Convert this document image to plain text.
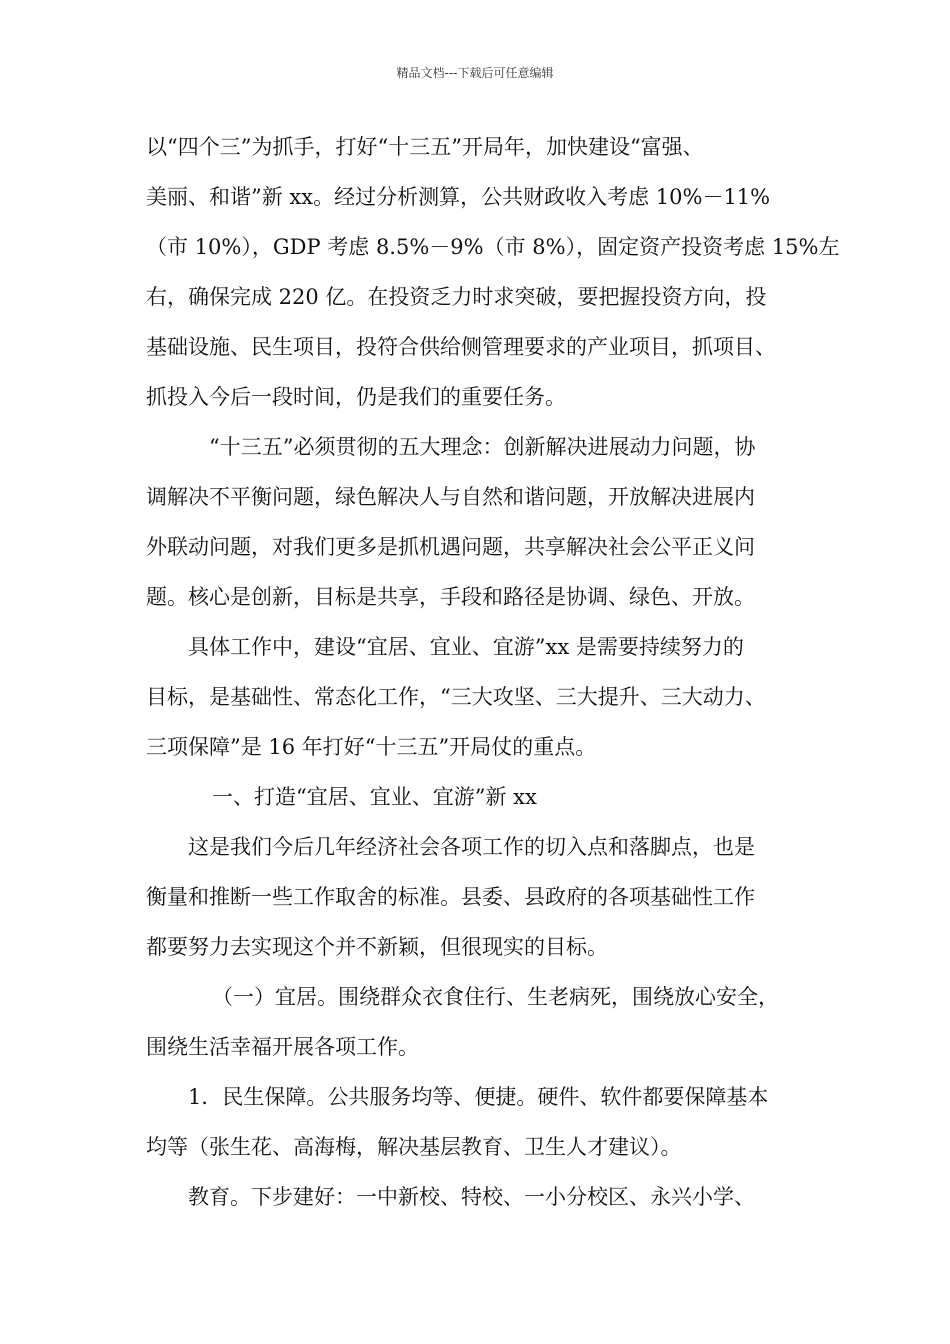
精品文档---下载后可任意编辑
以“四个三”为抓手，打好“十三五”开局年，加快建设“富强、
美丽、和谐”新 xx。经过分析测算，公共财政收入考虑 10%－11%
（市 10%），GDP 考虑 8.5%－9%（市 8%），固定资产投资考虑 15%左
右，确保完成 220 亿。在投资乏力时求突破，要把握投资方向，投
基础设施、民生项目，投符合供给侧管理要求的产业项目，抓项目、
抓投入今后一段时间，仍是我们的重要任务。
“十三五”必须贯彻的五大理念：创新解决进展动力问题，协
调解决不平衡问题，绿色解决人与自然和谐问题，开放解决进展内
外联动问题，对我们更多是抓机遇问题，共享解决社会公平正义问
题。核心是创新，目标是共享，手段和路径是协调、绿色、开放。
具体工作中，建设“宜居、宜业、宜游”xx 是需要持续努力的
目标，是基础性、常态化工作，“三大攻坚、三大提升、三大动力、
三项保障”是 16 年打好“十三五”开局仗的重点。
一、打造“宜居、宜业、宜游”新 xx
这是我们今后几年经济社会各项工作的切入点和落脚点，也是
衡量和推断一些工作取舍的标准。县委、县政府的各项基础性工作
都要努力去实现这个并不新颖，但很现实的目标。
（一）宜居。围绕群众衣食住行、生老病死，围绕放心安全，
围绕生活幸福开展各项工作。
1．民生保障。公共服务均等、便捷。硬件、软件都要保障基本
均等（张生花、高海梅，解决基层教育、卫生人才建议）。
教育。下步建好：一中新校、特校、一小分校区、永兴小学、
